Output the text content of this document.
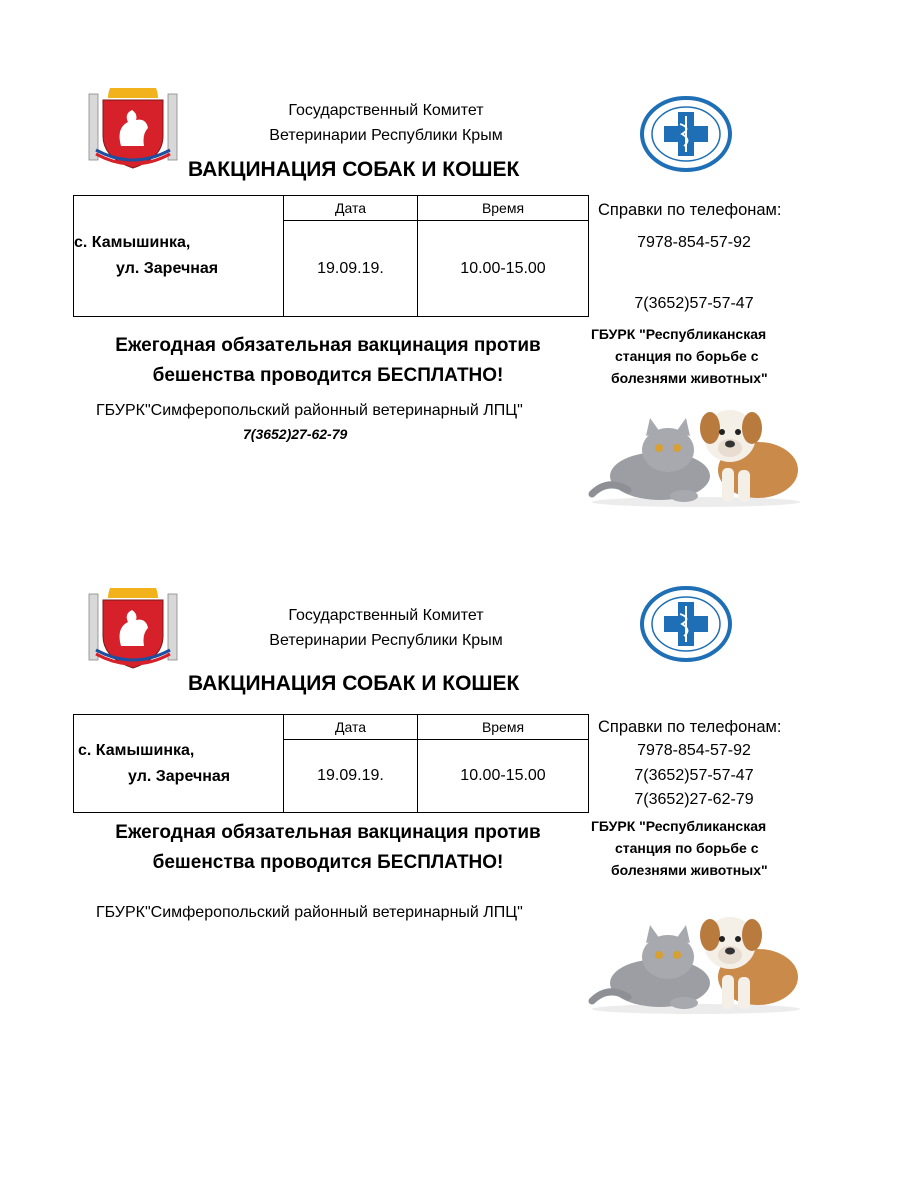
Государственный Комитет
Ветеринарии Республики Крым
ВАКЦИНАЦИЯ СОБАК И КОШЕК
с. Камышинка,
ул. Заречная	Дата	Время
	19.09.19.	10.00-15.00
Справки по телефонам:
7978-854-57-92
7(3652)57-57-47
ГБУРК "Республиканская
станция по борьбе с
болезнями животных"
Ежегодная обязательная вакцинация против
бешенства проводится БЕСПЛАТНО!
ГБУРК"Симферопольский районный ветеринарный ЛПЦ"
7(3652)27-62-79
Государственный Комитет
Ветеринарии Республики Крым
ВАКЦИНАЦИЯ СОБАК И КОШЕК
с. Камышинка,
ул. Заречная	Дата	Время
	19.09.19.	10.00-15.00
Справки по телефонам:
7978-854-57-92
7(3652)57-57-47
7(3652)27-62-79
ГБУРК "Республиканская
станция по борьбе с
болезнями животных"
Ежегодная обязательная вакцинация против
бешенства проводится БЕСПЛАТНО!
ГБУРК"Симферопольский районный ветеринарный ЛПЦ"
